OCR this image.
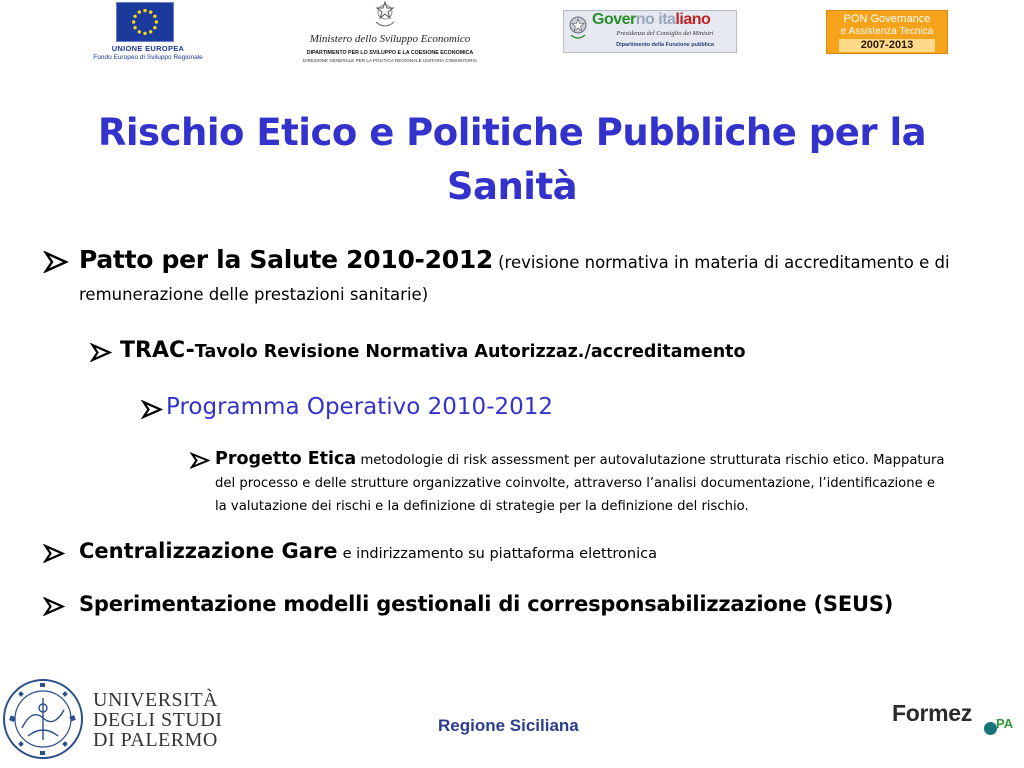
UNIONE EUROPEA
Fondo Europeo di Sviluppo Regionale
Ministero dello Sviluppo Economico
DIPARTIMENTO PER LO SVILUPPO E LA COESIONE ECONOMICA
DIREZIONE GENERALE PER LA POLITICA REGIONALE UNITARIA COMUNITARIA
Governo italiano
Presidenza del Consiglio dei Ministri
Dipartimento della Funzione pubblica
PON Governance
e Assistenza Tecnica
2007-2013
Rischio Etico e Politiche Pubbliche per la Sanità
Patto per la Salute 2010-2012 (revisione normativa in materia di accreditamento e di remunerazione delle prestazioni sanitarie)
TRAC-Tavolo Revisione Normativa Autorizzaz./accreditamento
Programma Operativo 2010-2012
Progetto Etica metodologie di risk assessment per autovalutazione strutturata rischio etico. Mappatura del processo e delle strutture organizzative coinvolte, attraverso l’analisi documentazione, l’identificazione e la valutazione dei rischi e la definizione di strategie per la definizione del rischio.
Centralizzazione Gare e indirizzamento su piattaforma elettronica
Sperimentazione modelli gestionali di corresponsabilizzazione (SEUS)
UNIVERSITÀ
DEGLI STUDI
DI PALERMO
Regione Siciliana	Formez PA
